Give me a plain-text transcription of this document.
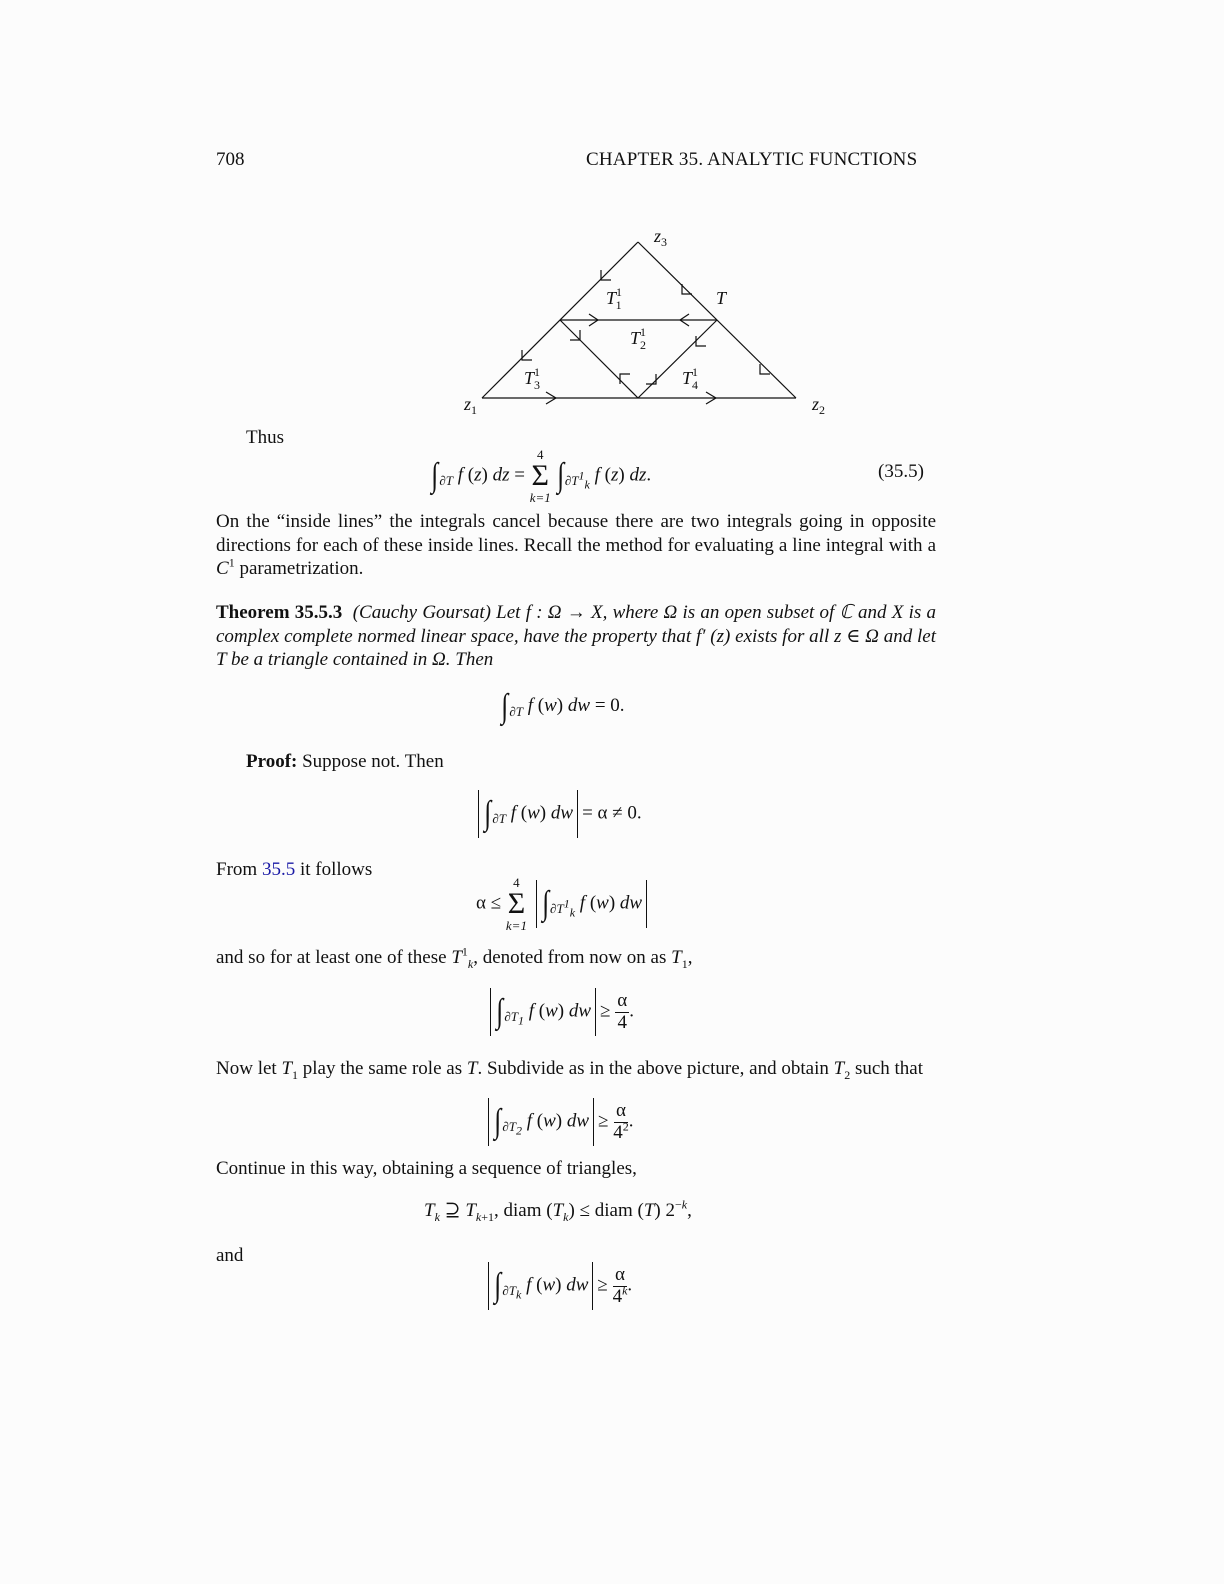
708	CHAPTER 35. ANALYTIC FUNCTIONS
$z_1$	$z_2$
$z_3$
T
$T^1$ 1
$T^1$ 2
$T^1$ 3	$T^1$ 4
Thus
$\int_{\partial T}$ f (z) dz =
4
Σ
k=1
$\int_{\partial T^1_k}$ f (z) dz.	(35.5)
On the “inside lines” the integrals cancel because there are two integrals going in opposite directions for each of these inside lines. Recall the method for evaluating a line integral with a $C^1$ parametrization.
Theorem 35.5.3 (Cauchy Goursat) Let f : Ω → X, where Ω is an open subset of ℂ and X is a complex complete normed linear space, have the property that f′ (z) exists for all z ∈ Ω and let T be a triangle contained in Ω. Then
$\int_{\partial T}$ f (w) dw = 0.
Proof: Suppose not. Then
$\int_{\partial T}$ f (w) dw = α ≠ 0.
From 35.5 it follows
α ≤
4
Σ
k=1
$\int_{\partial T^1_k}$ f (w) dw
and so for at least one of these $T^1_k$, denoted from now on as $T_1$,
$\int_{\partial T_1}$ f (w) dw ≥ $\frac{\alpha}{4}$ .
Now let $T_1$ play the same role as T. Subdivide as in the above picture, and obtain $T_2$ such that
$\int_{\partial T_2}$ f (w) dw ≥ $\frac{\alpha}{4^2}$ .
Continue in this way, obtaining a sequence of triangles,
$T_k$ ⊇ $T_{k+1}$, diam $(T_k)$ ≤ diam (T) $2^{-k}$,
and
$\int_{\partial T_k}$ f (w) dw ≥ $\frac{\alpha}{4^k}$ .
